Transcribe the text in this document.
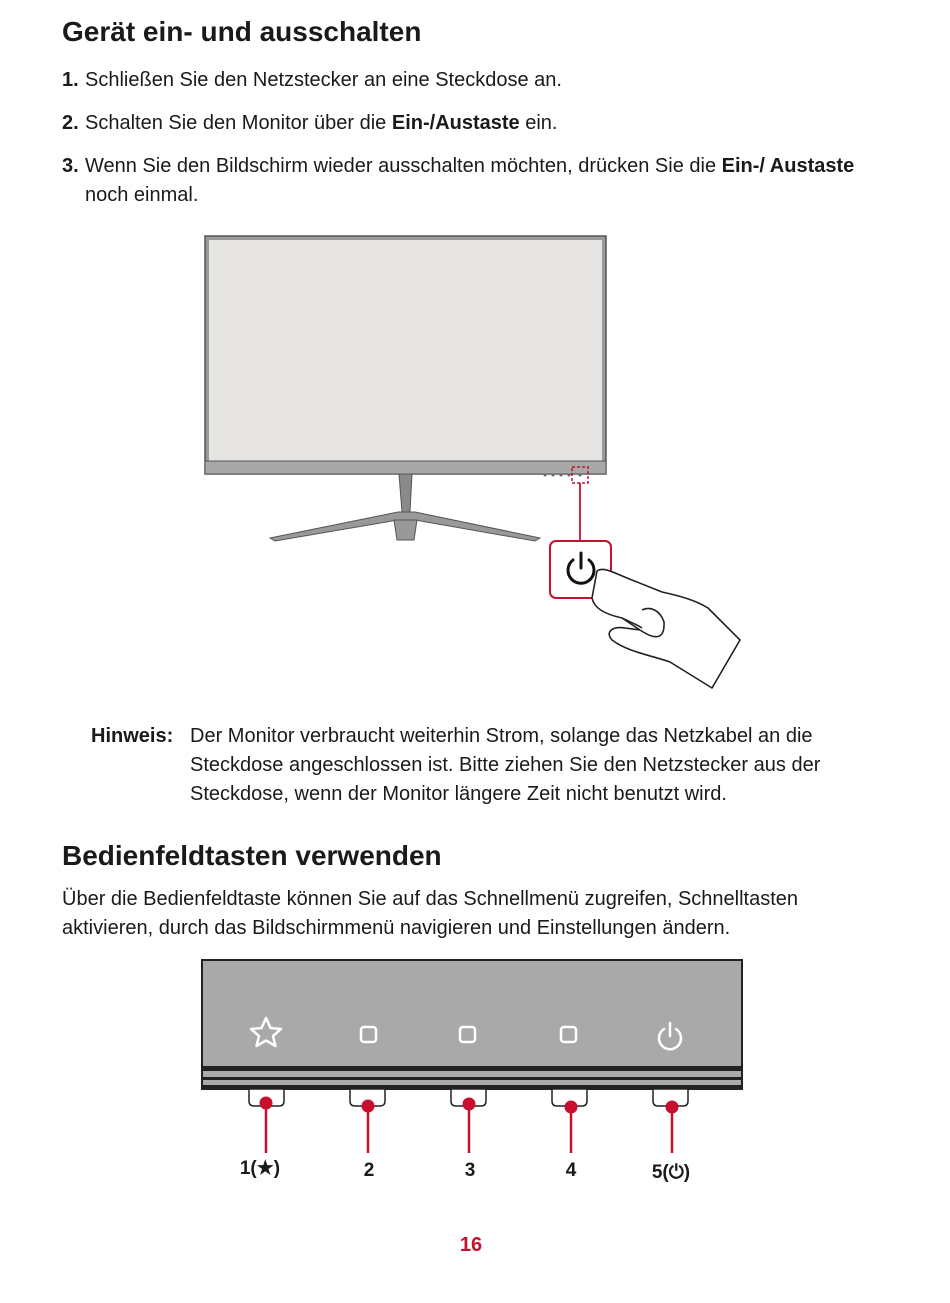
Gerät ein- und ausschalten
1. Schließen Sie den Netzstecker an eine Steckdose an.
2. Schalten Sie den Monitor über die Ein-/Austaste ein.
3. Wenn Sie den Bildschirm wieder ausschalten möchten, drücken Sie die Ein-/ Austaste noch einmal.
Hinweis: Der Monitor verbraucht weiterhin Strom, solange das Netzkabel an die Steckdose angeschlossen ist. Bitte ziehen Sie den Netzstecker aus der Steckdose, wenn der Monitor längere Zeit nicht benutzt wird.
Bedienfeldtasten verwenden
Über die Bedienfeldtaste können Sie auf das Schnellmenü zugreifen, Schnelltasten aktivieren, durch das Bildschirmmenü navigieren und Einstellungen ändern.
1(★)	2	3	4	5(⏻)
16
